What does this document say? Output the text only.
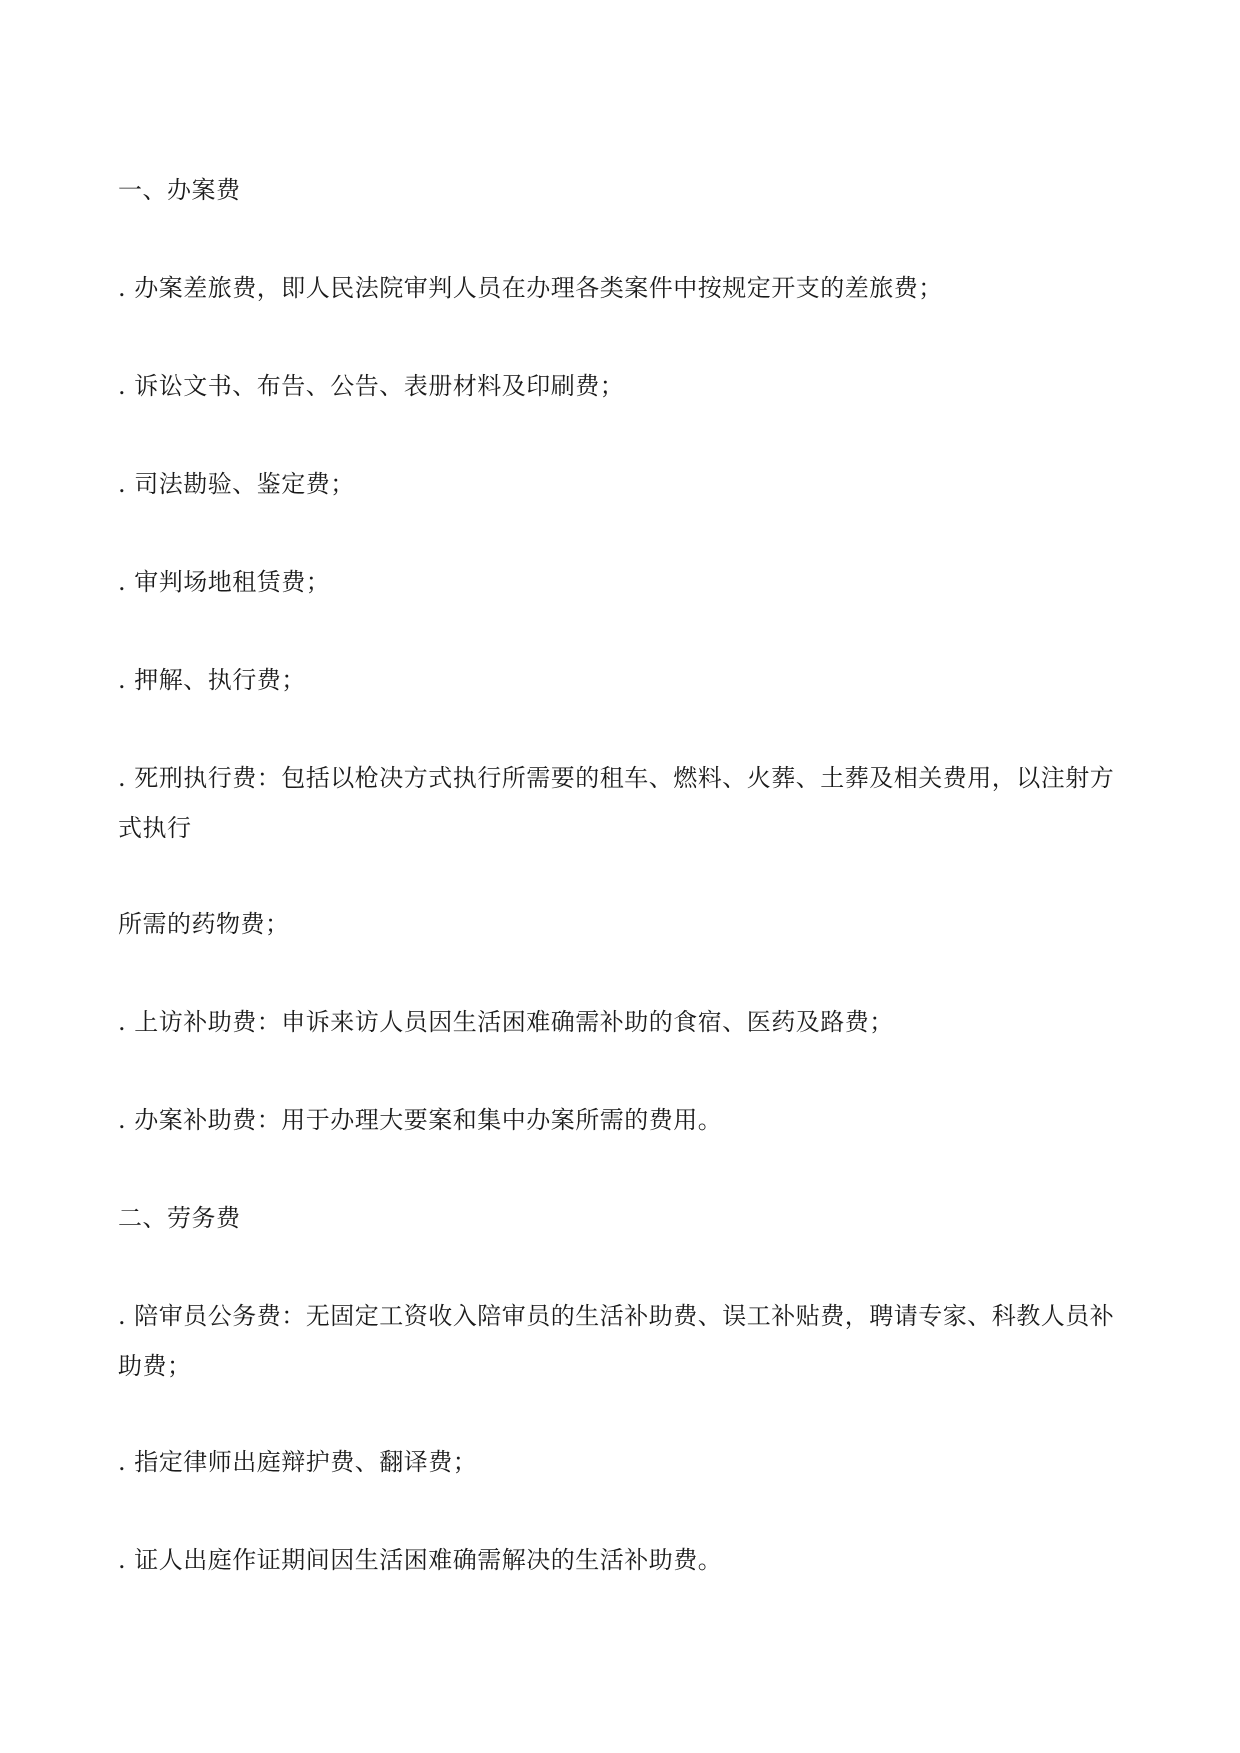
一、办案费
. 办案差旅费，即人民法院审判人员在办理各类案件中按规定开支的差旅费；
. 诉讼文书、布告、公告、表册材料及印刷费；
. 司法勘验、鉴定费；
. 审判场地租赁费；
. 押解、执行费；
. 死刑执行费：包括以枪决方式执行所需要的租车、燃料、火葬、土葬及相关费用，以注射方式执行
所需的药物费；
. 上访补助费：申诉来访人员因生活困难确需补助的食宿、医药及路费；
. 办案补助费：用于办理大要案和集中办案所需的费用。
二、劳务费
. 陪审员公务费：无固定工资收入陪审员的生活补助费、误工补贴费，聘请专家、科教人员补助费；
. 指定律师出庭辩护费、翻译费；
. 证人出庭作证期间因生活困难确需解决的生活补助费。
